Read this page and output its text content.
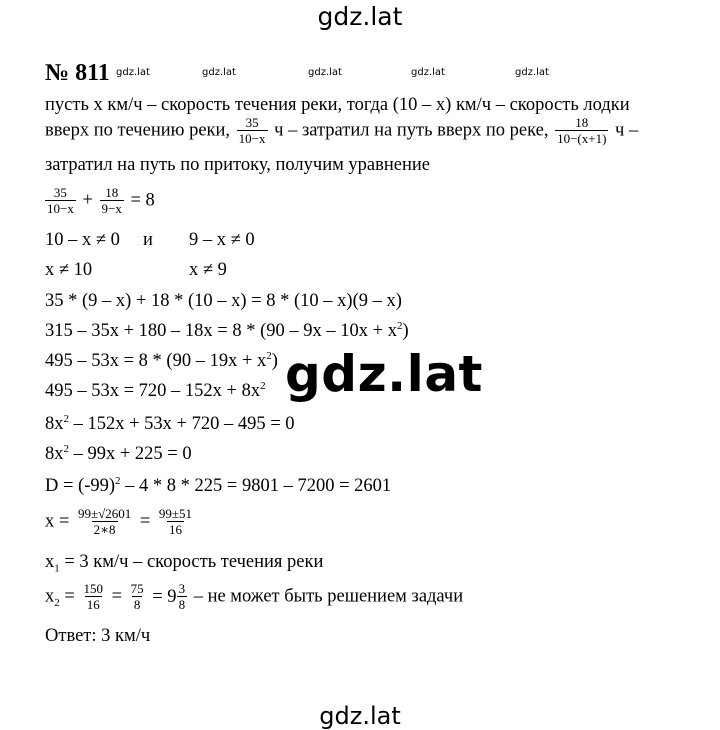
gdz.lat
№ 811 gdz.lat	gdz.lat	gdz.lat	gdz.lat	gdz.lat
пусть х км/ч – скорость течения реки, тогда (10 – х) км/ч – скорость лодки
вверх по течению реки, $\frac{35}{10-x}$ ч – затратил на путь вверх по реке, $\frac{18}{10-(x+1)}$ ч –
затратил на путь по притоку, получим уравнение
$\frac{35}{10-x} + \frac{18}{9-x} = 8$
10 – х ≠ 0 и 9 – х ≠ 0
х ≠ 10	х ≠ 9
35 * (9 – х) + 18 * (10 – х) = 8 * (10 – х)(9 – х)
$315 - 35х + 180 - 18х = 8 * (90 - 9х - 10х + х^2)$
$495 - 53х = 8 * (90 - 19х + х^2)$
$495 - 53х = 720 - 152х + 8х^2$
$8х^2 - 152х + 53х + 720 - 495 = 0$
$8х^2 - 99х + 225 = 0$
$D = (-99)^2 - 4 * 8 * 225 = 9801 - 7200 = 2601$
$х = \frac{99\pm√2601}{2∗8} = \frac{99\pm 51}{16}$
$х_1 = 3$ км/ч – скорость течения реки
$х_2 = \frac{150}{16} = \frac{75}{8}$
= $9 \frac{3}{8}$ – не может быть решением задачи
Ответ: 3 км/ч
gdz.lat
gdz.lat
